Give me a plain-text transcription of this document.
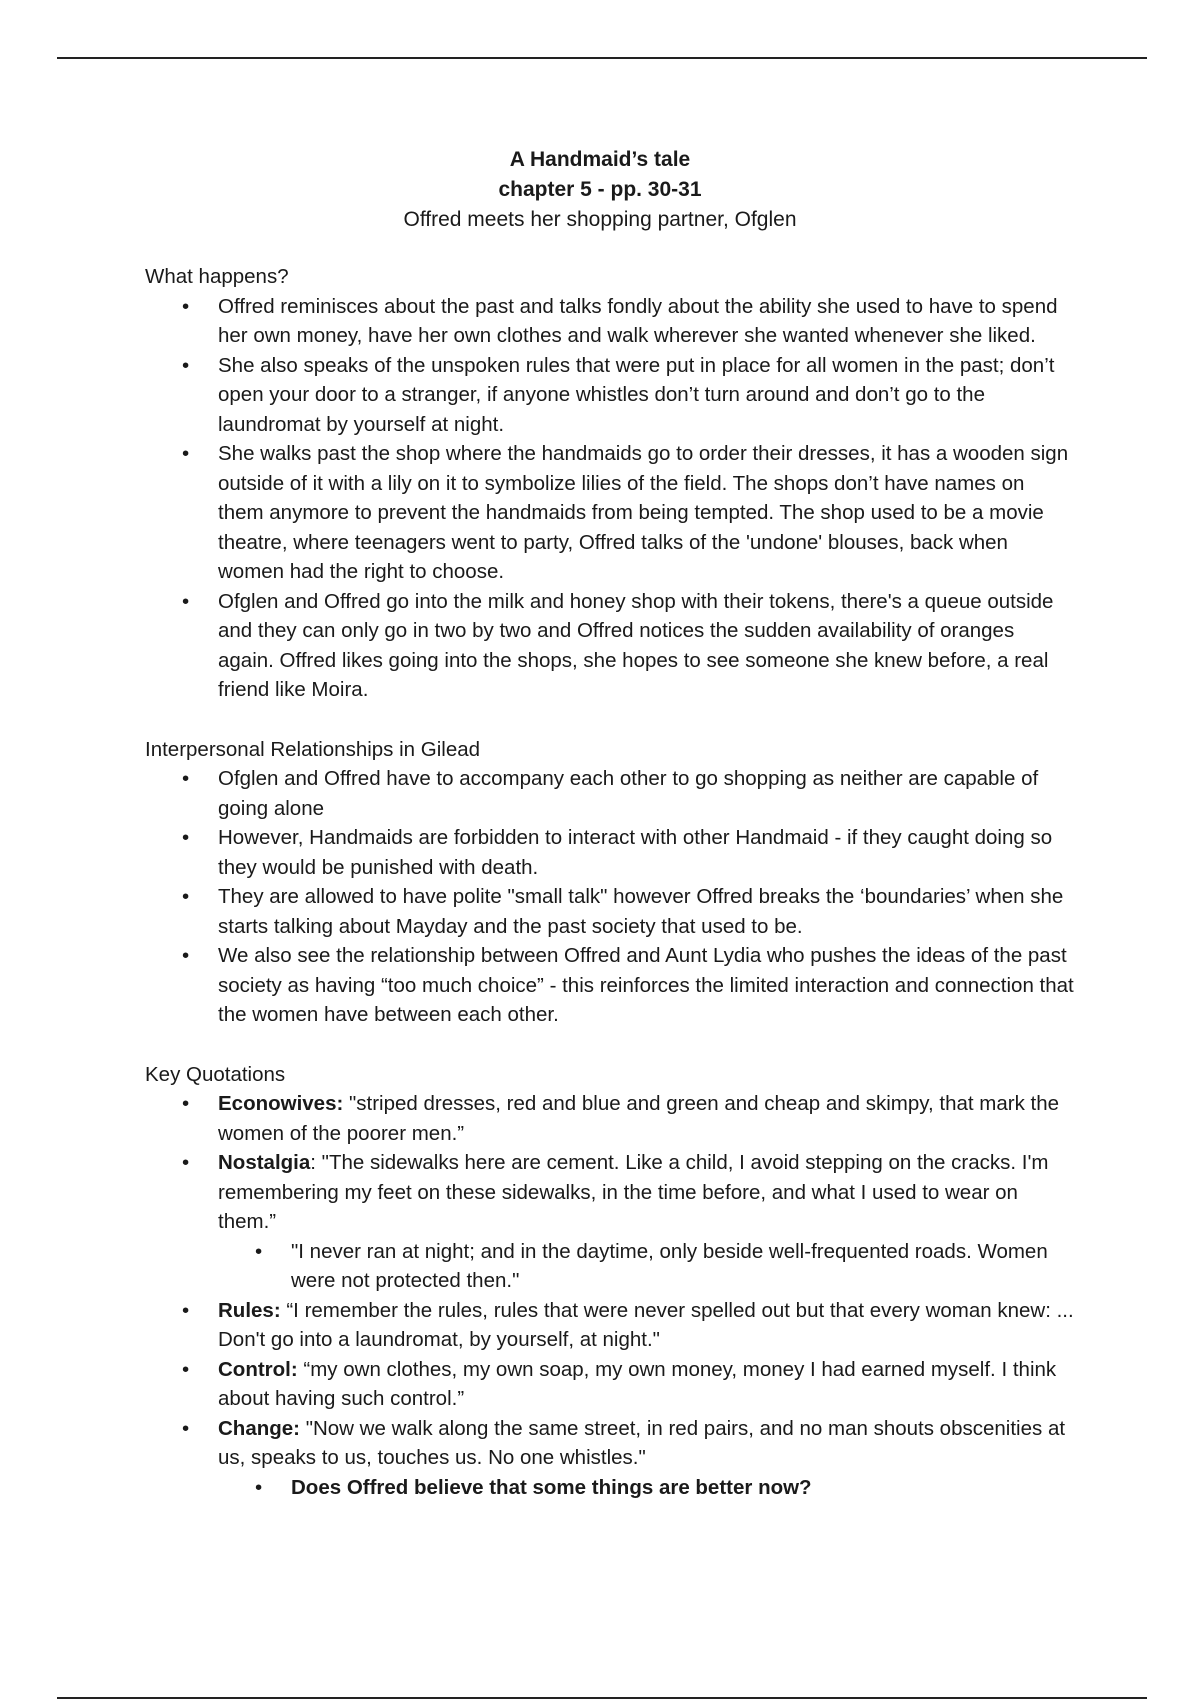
A Handmaid’s tale
chapter 5 - pp. 30-31
Offred meets her shopping partner, Ofglen

What happens?

• Offred reminisces about the past and talks fondly about the ability she used to have to spend her own money, have her own clothes and walk wherever she wanted whenever she liked.
• She also speaks of the unspoken rules that were put in place for all women in the past; don’t open your door to a stranger, if anyone whistles don’t turn around and don’t go to the laundromat by yourself at night.
• She walks past the shop where the handmaids go to order their dresses, it has a wooden sign outside of it with a lily on it to symbolize lilies of the field. The shops don’t have names on them anymore to prevent the handmaids from being tempted. The shop used to be a movie theatre, where teenagers went to party, Offred talks of the 'undone' blouses, back when women had the right to choose.
• Ofglen and Offred go into the milk and honey shop with their tokens, there's a queue outside and they can only go in two by two and Offred notices the sudden availability of oranges again. Offred likes going into the shops, she hopes to see someone she knew before, a real friend like Moira.

Interpersonal Relationships in Gilead

• Ofglen and Offred have to accompany each other to go shopping as neither are capable of going alone
• However, Handmaids are forbidden to interact with other Handmaid - if they caught doing so they would be punished with death.
• They are allowed to have polite "small talk" however Offred breaks the ‘boundaries’ when she starts talking about Mayday and the past society that used to be.
• We also see the relationship between Offred and Aunt Lydia who pushes the ideas of the past society as having “too much choice” - this reinforces the limited interaction and connection that the women have between each other.

Key Quotations

• Econowives: "striped dresses, red and blue and green and cheap and skimpy, that mark the women of the poorer men.”
• Nostalgia: "The sidewalks here are cement. Like a child, I avoid stepping on the cracks. I'm remembering my feet on these sidewalks, in the time before, and what I used to wear on them.”
• "I never ran at night; and in the daytime, only beside well-frequented roads. Women were not protected then."
• Rules: “I remember the rules, rules that were never spelled out but that every woman knew: ... Don't go into a laundromat, by yourself, at night."
• Control: “my own clothes, my own soap, my own money, money I had earned myself. I think about having such control.”
• Change: "Now we walk along the same street, in red pairs, and no man shouts obscenities at us, speaks to us, touches us. No one whistles."
• Does Offred believe that some things are better now?
